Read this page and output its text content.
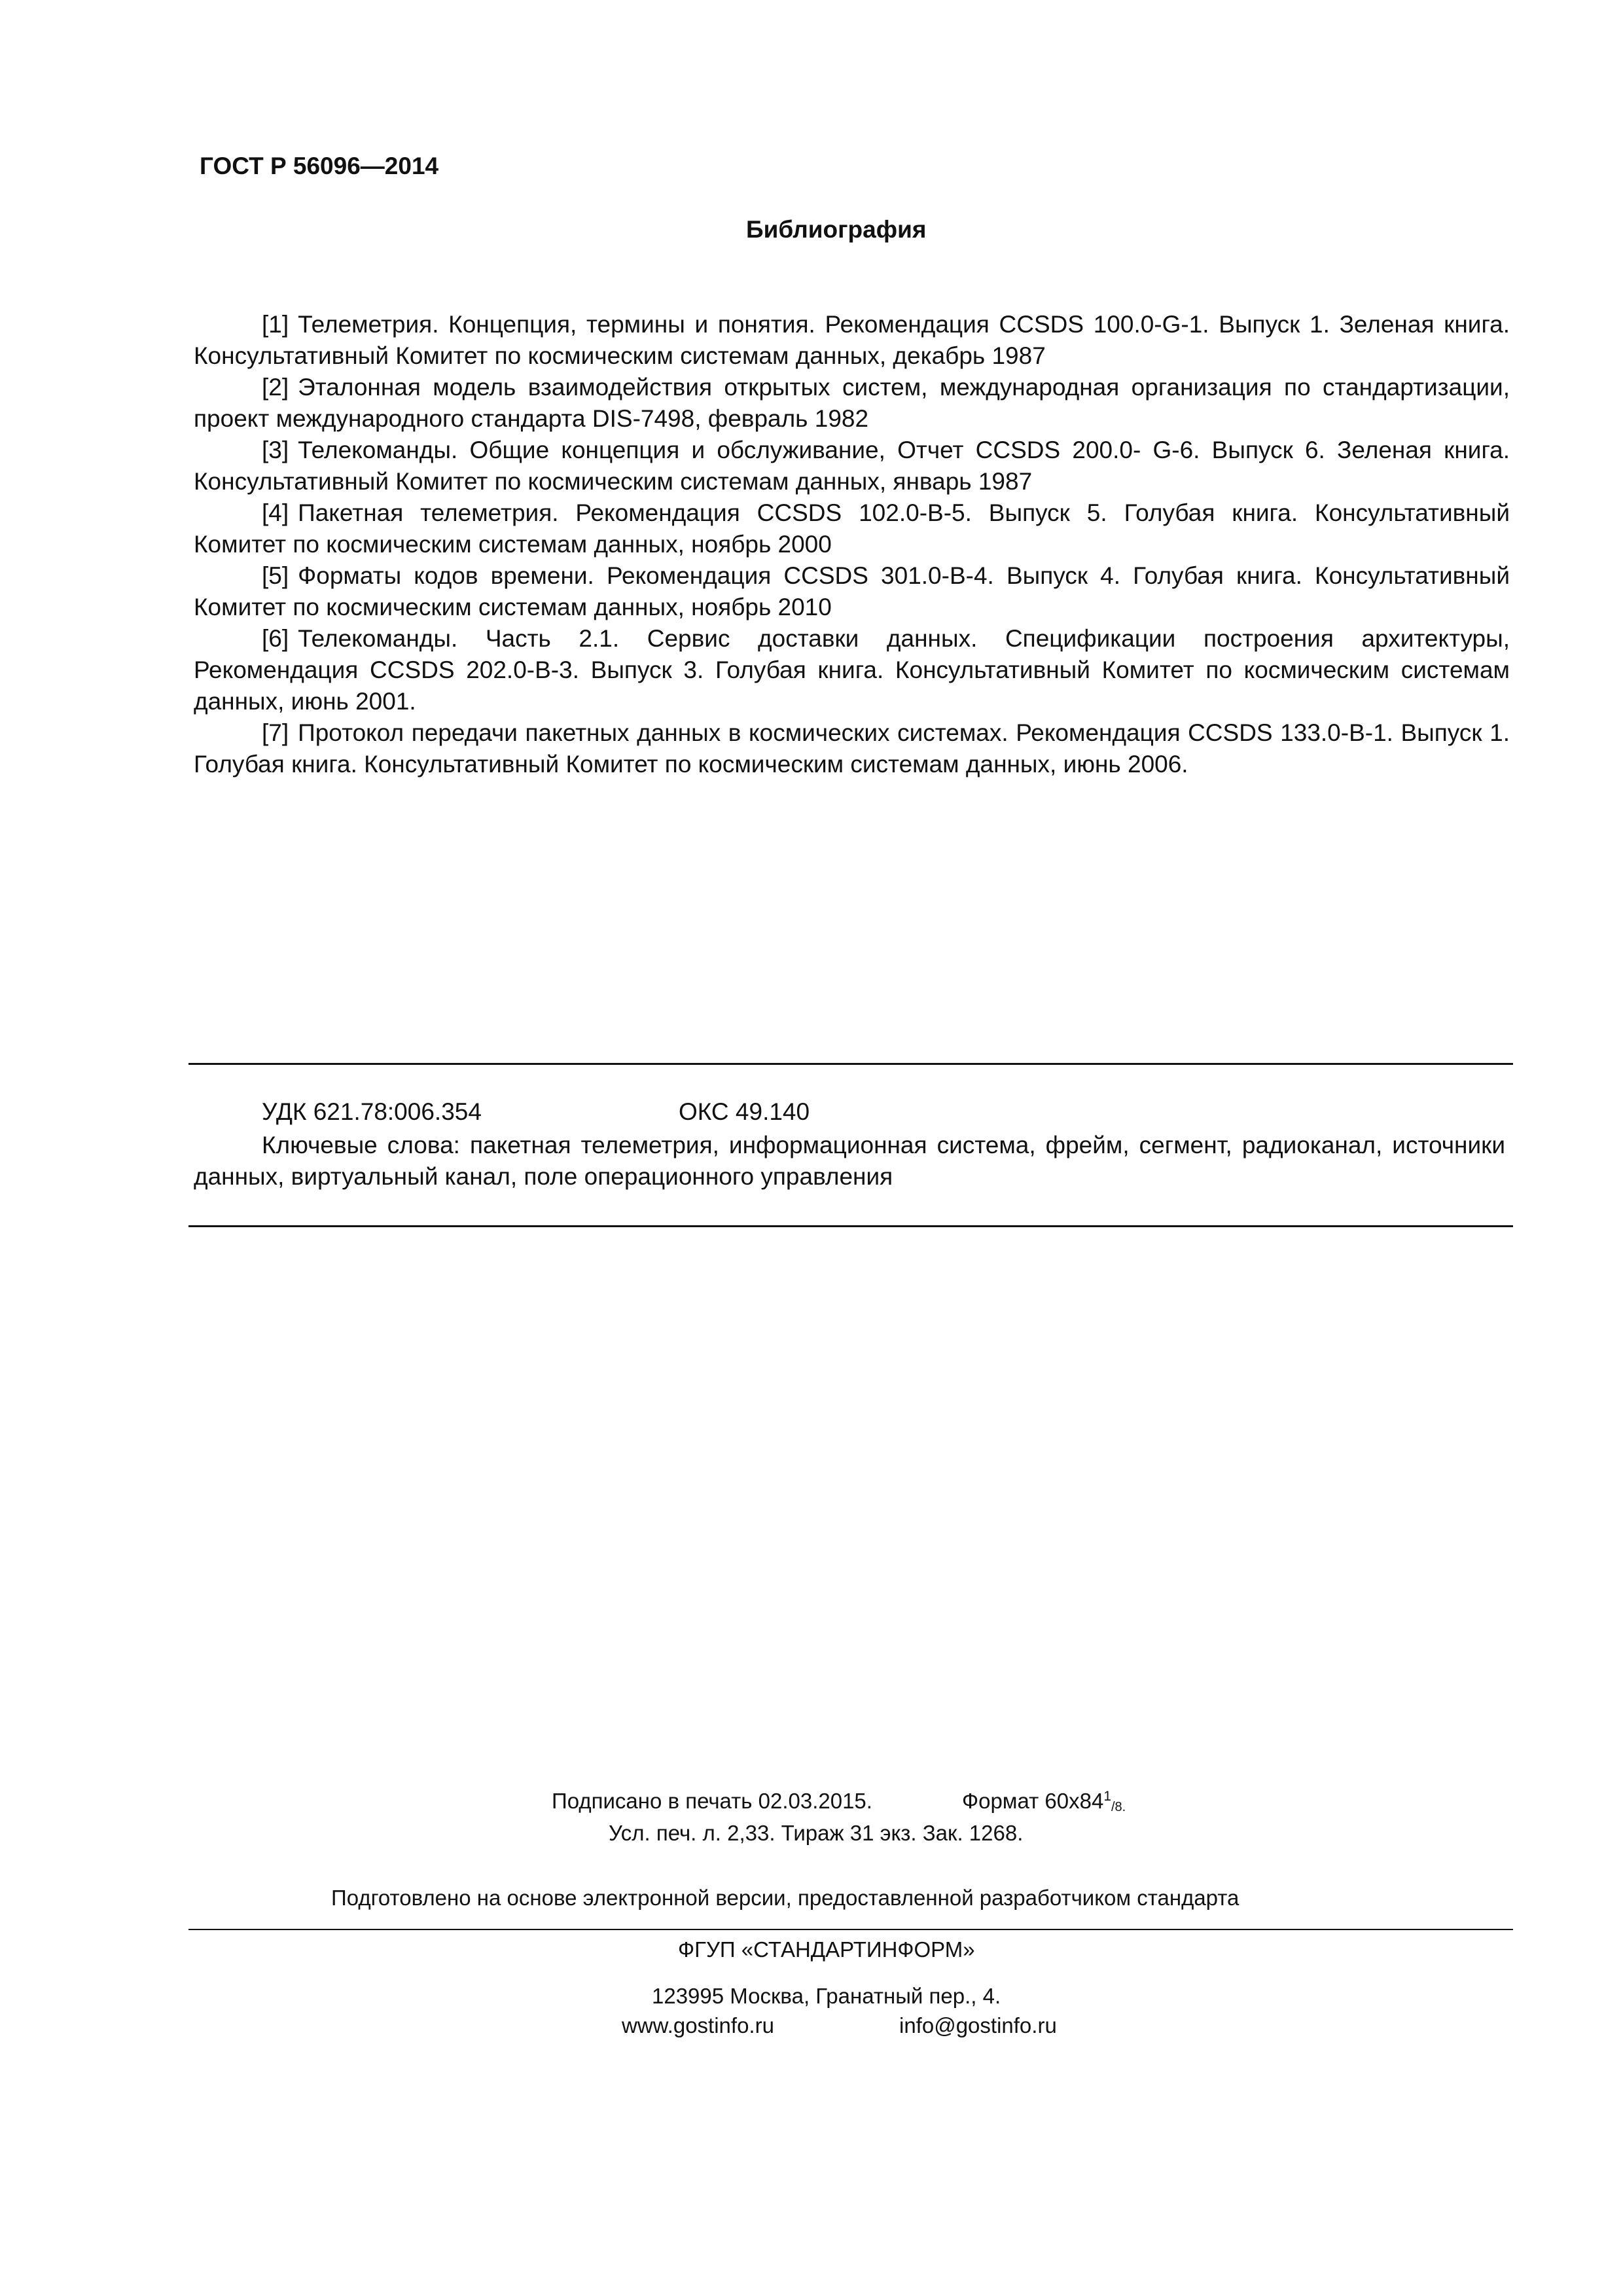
ГОСТ Р 56096—2014
Библиография

[1] Телеметрия. Концепция, термины и понятия. Рекомендация CCSDS 100.0-G-1. Выпуск 1. Зеленая книга. Консультативный Комитет по космическим системам данных, декабрь 1987

[2] Эталонная модель взаимодействия открытых систем, международная организация по стандартизации, проект международного стандарта DIS-7498, февраль 1982

[3] Телекоманды. Общие концепция и обслуживание, Отчет CCSDS 200.0- G-6. Выпуск 6. Зеленая книга. Консультативный Комитет по космическим системам данных, январь 1987

[4] Пакетная телеметрия. Рекомендация CCSDS 102.0-B-5. Выпуск 5. Голубая книга. Консультативный Комитет по космическим системам данных, ноябрь 2000

[5] Форматы кодов времени. Рекомендация CCSDS 301.0-B-4. Выпуск 4. Голубая книга. Консультативный Комитет по космическим системам данных, ноябрь 2010

[6] Телекоманды. Часть 2.1. Сервис доставки данных. Спецификации построения архитектуры, Рекомендация CCSDS 202.0-B-3. Выпуск 3. Голубая книга. Консультативный Комитет по космическим системам данных, июнь 2001.

[7] Протокол передачи пакетных данных в космических системах. Рекомендация CCSDS 133.0-B-1. Выпуск 1. Голубая книга. Консультативный Комитет по космическим системам данных, июнь 2006.

УДК 621.78:006.354	ОКС 49.140

Ключевые слова: пакетная телеметрия, информационная система, фрейм, сегмент, радиоканал, источники данных, виртуальный канал, поле операционного управления

Подписано в печать 02.03.2015.	Формат $60x84^1_{/8.}$
Усл. печ. л. 2,33. Тираж 31 экз. Зак. 1268.
Подготовлено на основе электронной версии, предоставленной разработчиком стандарта
ФГУП «СТАНДАРТИНФОРМ»
123995 Москва, Гранатный пер., 4.
www.gostinfo.ru	info@gostinfo.ru
